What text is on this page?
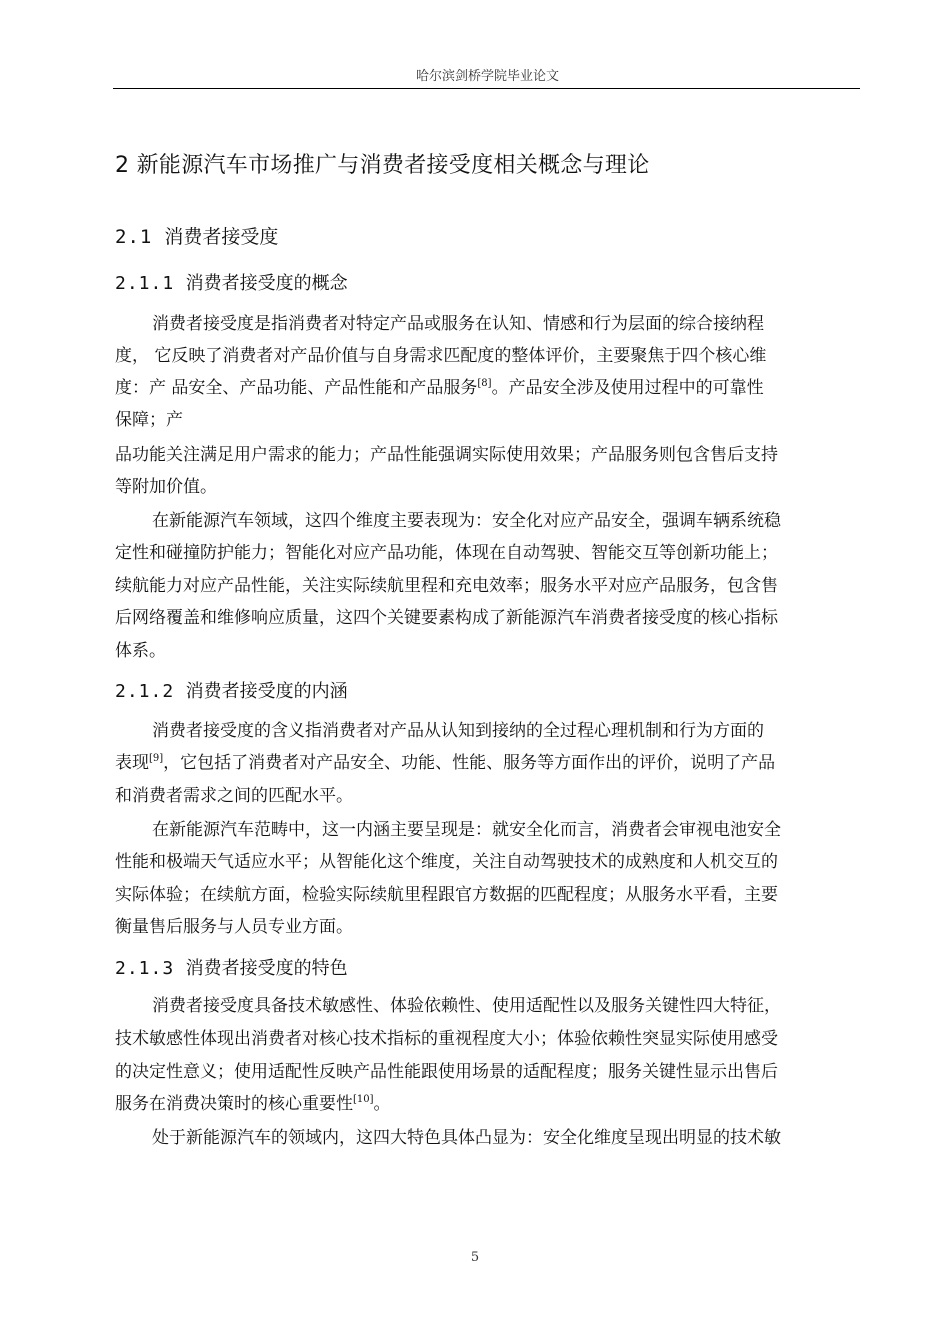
哈尔滨剑桥学院毕业论文
2 新能源汽车市场推广与消费者接受度相关概念与理论
2.1 消费者接受度
2.1.1 消费者接受度的概念
消费者接受度是指消费者对特定产品或服务在认知、情感和行为层面的综合接纳程
度， 它反映了消费者对产品价值与自身需求匹配度的整体评价，主要聚焦于四个核心维
度：产 品安全、产品功能、产品性能和产品服务[8]。产品安全涉及使用过程中的可靠性
保障；产
品功能关注满足用户需求的能力；产品性能强调实际使用效果；产品服务则包含售后支持
等附加价值。
在新能源汽车领域，这四个维度主要表现为：安全化对应产品安全，强调车辆系统稳
定性和碰撞防护能力；智能化对应产品功能，体现在自动驾驶、智能交互等创新功能上；
续航能力对应产品性能，关注实际续航里程和充电效率；服务水平对应产品服务，包含售
后网络覆盖和维修响应质量，这四个关键要素构成了新能源汽车消费者接受度的核心指标
体系。
2.1.2 消费者接受度的内涵
消费者接受度的含义指消费者对产品从认知到接纳的全过程心理机制和行为方面的
表现[9]，它包括了消费者对产品安全、功能、性能、服务等方面作出的评价，说明了产品
和消费者需求之间的匹配水平。
在新能源汽车范畴中，这一内涵主要呈现是：就安全化而言，消费者会审视电池安全
性能和极端天气适应水平；从智能化这个维度，关注自动驾驶技术的成熟度和人机交互的
实际体验；在续航方面，检验实际续航里程跟官方数据的匹配程度；从服务水平看，主要
衡量售后服务与人员专业方面。
2.1.3 消费者接受度的特色
消费者接受度具备技术敏感性、体验依赖性、使用适配性以及服务关键性四大特征，
技术敏感性体现出消费者对核心技术指标的重视程度大小；体验依赖性突显实际使用感受
的决定性意义；使用适配性反映产品性能跟使用场景的适配程度；服务关键性显示出售后
服务在消费决策时的核心重要性[10]。
处于新能源汽车的领域内，这四大特色具体凸显为：安全化维度呈现出明显的技术敏
5
